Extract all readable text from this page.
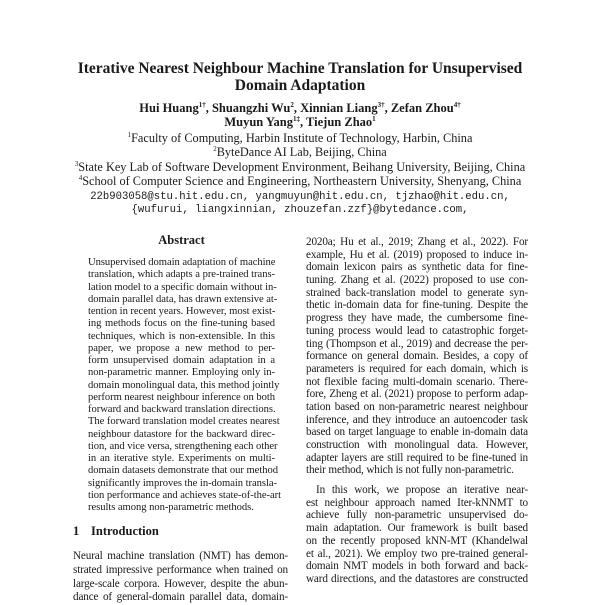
Iterative Nearest Neighbour Machine Translation for Unsupervised
Domain Adaptation
Hui Huang$^{1\dagger}$, Shuangzhi Wu$^2$, Xinnian Liang$^{3\dagger}$, Zefan Zhou$^{4\dagger}$
Muyun Yang$^{1\ddagger}$, Tiejun Zhao$^1$
$^1$Faculty of Computing, Harbin Institute of Technology, Harbin, China
$^2$ByteDance AI Lab, Beijing, China
$^3$State Key Lab of Software Development Environment, Beihang University, Beijing, China
$^4$School of Computer Science and Engineering, Northeastern University, Shenyang, China
22b903058@stu.hit.edu.cn, yangmuyun@hit.edu.cn, tjzhao@hit.edu.cn,
{wufurui, liangxinnian, zhouzefan.zzf}@bytedance.com,
Abstract
Unsupervised domain adaptation of machine
translation, which adapts a pre-trained trans-
lation model to a specific domain without in-
domain parallel data, has drawn extensive at-
tention in recent years. However, most exist-
ing methods focus on the fine-tuning based
techniques, which is non-extensible. In this
paper, we propose a new method to per-
form unsupervised domain adaptation in a
non-parametric manner. Employing only in-
domain monolingual data, this method jointly
perform nearest neighbour inference on both
forward and backward translation directions.
The forward translation model creates nearest
neighbour datastore for the backward direc-
tion, and vice versa, strengthening each other
in an iterative style. Experiments on multi-
domain datasets demonstrate that our method
significantly improves the in-domain transla-
tion performance and achieves state-of-the-art
results among non-parametric methods.
1 Introduction
Neural machine translation (NMT) has demon-
strated impressive performance when trained on
large-scale corpora. However, despite the abun-
dance of general-domain parallel data, domain-
2020a; Hu et al., 2019; Zhang et al., 2022). For
example, Hu et al. (2019) proposed to induce in-
domain lexicon pairs as synthetic data for fine-
tuning. Zhang et al. (2022) proposed to use con-
strained back-translation model to generate syn-
thetic in-domain data for fine-tuning. Despite the
progress they have made, the cumbersome fine-
tuning process would lead to catastrophic forget-
ting (Thompson et al., 2019) and decrease the per-
formance on general domain. Besides, a copy of
parameters is required for each domain, which is
not flexible facing multi-domain scenario. There-
fore, Zheng et al. (2021) propose to perform adap-
tation based on non-parametric nearest neighbour
inference, and they introduce an autoencoder task
based on target language to enable in-domain data
construction with monolingual data. However,
adapter layers are still required to be fine-tuned in
their method, which is not fully non-parametric.
In this work, we propose an iterative near-
est neighbour approach named Iter-kNNMT to
achieve fully non-parametric unsupervised do-
main adaptation. Our framework is built based
on the recently proposed kNN-MT (Khandelwal
et al., 2021). We employ two pre-trained general-
domain NMT models in both forward and back-
ward directions, and the datastores are constructed
